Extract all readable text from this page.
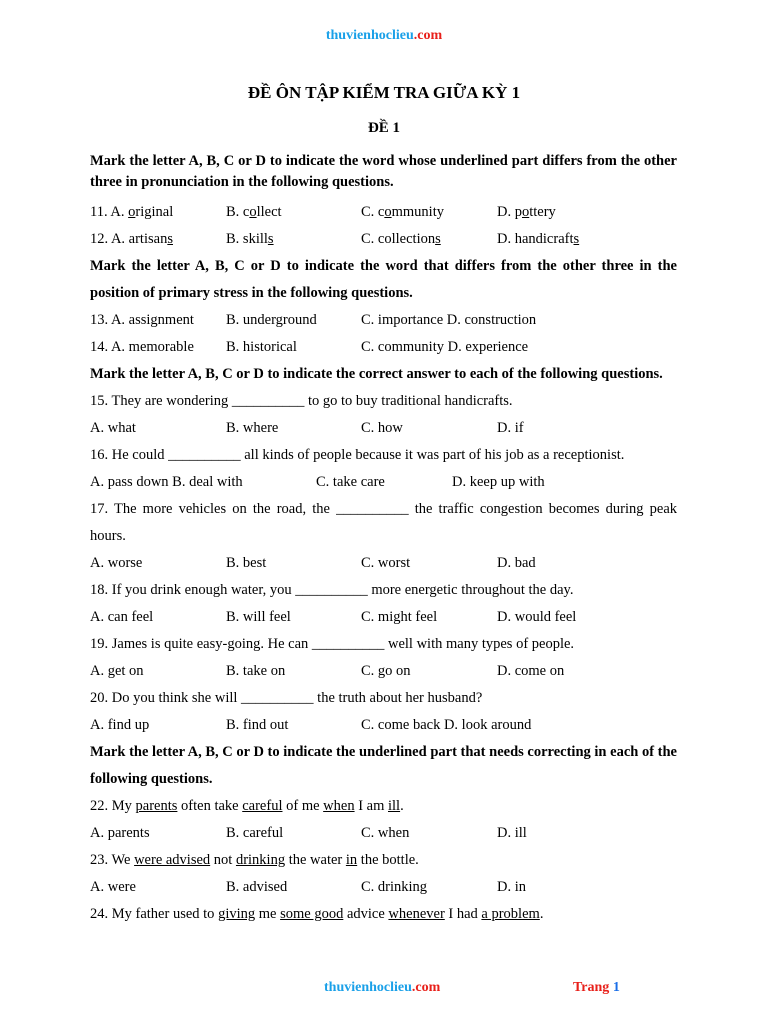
thuvienhoclieu.com
ĐỀ ÔN TẬP KIỂM TRA GIỮA KỲ 1
ĐỀ 1
Mark the letter A, B, C or D to indicate the word whose underlined part differs from the other three in pronunciation in the following questions.
11. A. original	B. collect	C. community	D. pottery
12. A. artisans	B. skills	C. collections	D. handicrafts
Mark the letter A, B, C or D to indicate the word that differs from the other three in the position of primary stress in the following questions.
13. A. assignment B. underground	C. importance D. construction
14. A. memorable B. historical	C. community D. experience
Mark the letter A, B, C or D to indicate the correct answer to each of the following questions.
15. They are wondering __________ to go to buy traditional handicrafts.
A. what	B. where	C. how	D. if
16. He could __________ all kinds of people because it was part of his job as a receptionist.
A. pass down B. deal with	C. take care	D. keep up with
17. The more vehicles on the road, the __________ the traffic congestion becomes during peak hours.
A. worse	B. best	C. worst	D. bad
18. If you drink enough water, you __________ more energetic throughout the day.
A. can feel	B. will feel	C. might feel	D. would feel
19. James is quite easy-going. He can __________ well with many types of people.
A. get on	B. take on	C. go on	D. come on
20. Do you think she will __________ the truth about her husband?
A. find up	B. find out	C. come back D. look around
Mark the letter A, B, C or D to indicate the underlined part that needs correcting in each of the following questions.
22. My parents often take careful of me when I am ill.
A. parents	B. careful	C. when	D. ill
23. We were advised not drinking the water in the bottle.
A. were	B. advised	C. drinking	D. in
24. My father used to giving me some good advice whenever I had a problem.
thuvienhoclieu.com	Trang 1
